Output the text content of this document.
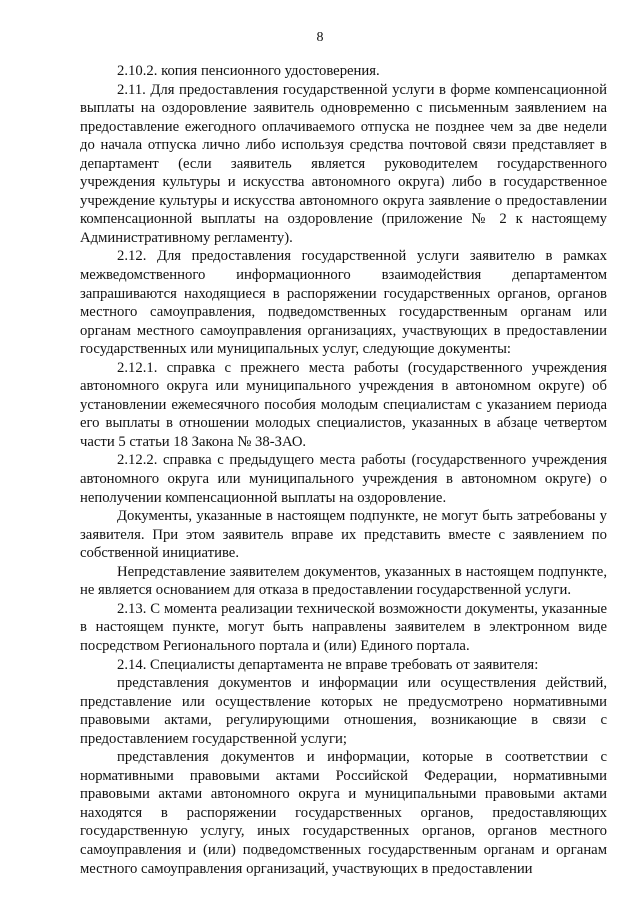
8

2.10.2. копия пенсионного удостоверения.

2.11. Для предоставления государственной услуги в форме компенсационной выплаты на оздоровление заявитель одновременно с письменным заявлением на предоставление ежегодного оплачиваемого отпуска не позднее чем за две недели до начала отпуска лично либо используя средства почтовой связи представляет в департамент (если заявитель является руководителем государственного учреждения культуры и искусства автономного округа) либо в государственное учреждение культуры и искусства автономного округа заявление о предоставлении компенсационной выплаты на оздоровление (приложение № 2 к настоящему Административному регламенту).

2.12. Для предоставления государственной услуги заявителю в рамках межведомственного информационного взаимодействия департаментом запрашиваются находящиеся в распоряжении государственных органов, органов местного самоуправления, подведомственных государственным органам или органам местного самоуправления организациях, участвующих в предоставлении государственных или муниципальных услуг, следующие документы:

2.12.1. справка с прежнего места работы (государственного учреждения автономного округа или муниципального учреждения в автономном округе) об установлении ежемесячного пособия молодым специалистам с указанием периода его выплаты в отношении молодых специалистов, указанных в абзаце четвертом части 5 статьи 18 Закона № 38-ЗАО.

2.12.2. справка с предыдущего места работы (государственного учреждения автономного округа или муниципального учреждения в автономном округе) о неполучении компенсационной выплаты на оздоровление.

Документы, указанные в настоящем подпункте, не могут быть затребованы у заявителя. При этом заявитель вправе их представить вместе с заявлением по собственной инициативе.

Непредставление заявителем документов, указанных в настоящем подпункте, не является основанием для отказа в предоставлении государственной услуги.

2.13. С момента реализации технической возможности документы, указанные в настоящем пункте, могут быть направлены заявителем в электронном виде посредством Регионального портала и (или) Единого портала.

2.14. Специалисты департамента не вправе требовать от заявителя:

представления документов и информации или осуществления действий, представление или осуществление которых не предусмотрено нормативными правовыми актами, регулирующими отношения, возникающие в связи с предоставлением государственной услуги;

представления документов и информации, которые в соответствии с нормативными правовыми актами Российской Федерации, нормативными правовыми актами автономного округа и муниципальными правовыми актами находятся в распоряжении государственных органов, предоставляющих государственную услугу, иных государственных органов, органов местного самоуправления и (или) подведомственных государственным органам и органам местного самоуправления организаций, участвующих в предоставлении
